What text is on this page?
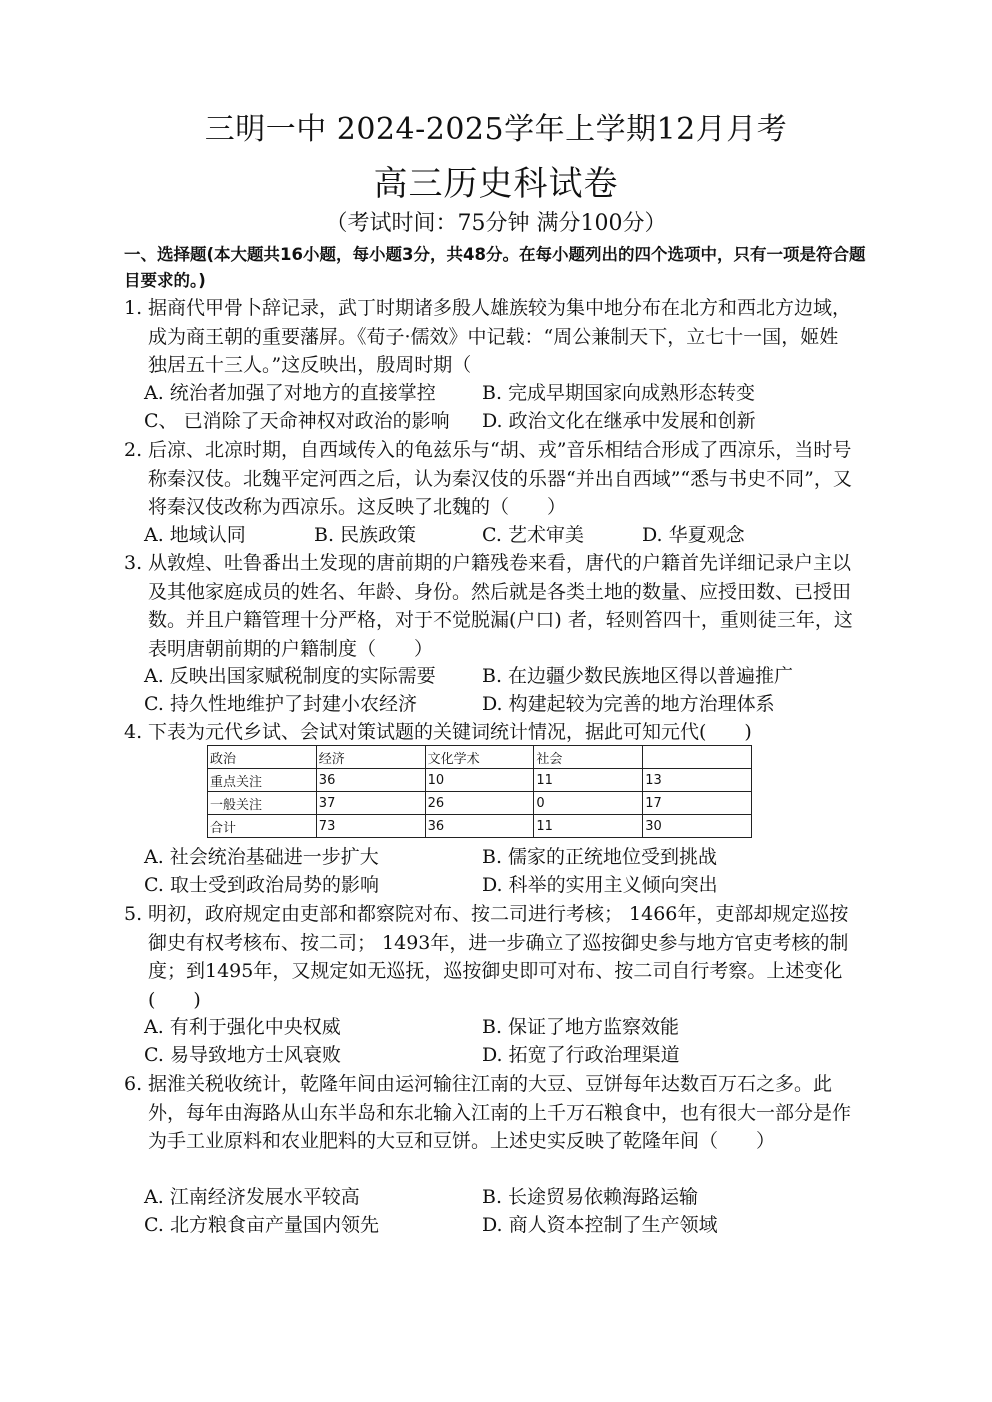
三明一中 2024-2025学年上学期12月月考
高三历史科试卷
（考试时间：75分钟 满分100分）
一、选择题(本大题共16小题，每小题3分，共48分。在每小题列出的四个选项中，只有一项是符合题目要求的。)
1. 据商代甲骨卜辞记录，武丁时期诸多殷人雄族较为集中地分布在北方和西北方边域，成为商王朝的重要藩屏。《荀子·儒效》中记载：“周公兼制天下，立七十一国，姬姓独居五十三人。”这反映出，殷周时期（
A. 统治者加强了对地方的直接掌控 B. 完成早期国家向成熟形态转变
C、 已消除了天命神权对政治的影响 D. 政治文化在继承中发展和创新
2. 后凉、北凉时期，自西域传入的龟兹乐与“胡、戎”音乐相结合形成了西凉乐，当时号称秦汉伎。北魏平定河西之后，认为秦汉伎的乐器“并出自西域”“悉与书史不同”，又将秦汉伎改称为西凉乐。这反映了北魏的（　　）
A. 地域认同	B. 民族政策	C. 艺术审美	D. 华夏观念
3. 从敦煌、吐鲁番出土发现的唐前期的户籍残卷来看，唐代的户籍首先详细记录户主以及其他家庭成员的姓名、年龄、身份。然后就是各类土地的数量、应授田数、已授田数。并且户籍管理十分严格，对于不觉脱漏(户口) 者，轻则笞四十，重则徒三年，这表明唐朝前期的户籍制度（　　）
A. 反映出国家赋税制度的实际需要 B. 在边疆少数民族地区得以普遍推广
C. 持久性地维护了封建小农经济	D. 构建起较为完善的地方治理体系
4. 下表为元代乡试、会试对策试题的关键词统计情况，据此可知元代(　　)
政治	经济	文化学术	社会	
重点关注	36	10	11	13
一般关注	37	26	0	17
合计	73	36	11	30
A. 社会统治基础进一步扩大	B. 儒家的正统地位受到挑战
C. 取士受到政治局势的影响	D. 科举的实用主义倾向突出
5. 明初，政府规定由吏部和都察院对布、按二司进行考核； 1466年，吏部却规定巡按御史有权考核布、按二司； 1493年，进一步确立了巡按御史参与地方官吏考核的制度；到1495年，又规定如无巡抚，巡按御史即可对布、按二司自行考察。上述变化(　　)
A. 有利于强化中央权威	B. 保证了地方监察效能
C. 易导致地方士风衰败	D. 拓宽了行政治理渠道
6. 据淮关税收统计，乾隆年间由运河输往江南的大豆、豆饼每年达数百万石之多。此外，每年由海路从山东半岛和东北输入江南的上千万石粮食中，也有很大一部分是作为手工业原料和农业肥料的大豆和豆饼。上述史实反映了乾隆年间（　　）
A. 江南经济发展水平较高	B. 长途贸易依赖海路运输
C. 北方粮食亩产量国内领先	D. 商人资本控制了生产领域
